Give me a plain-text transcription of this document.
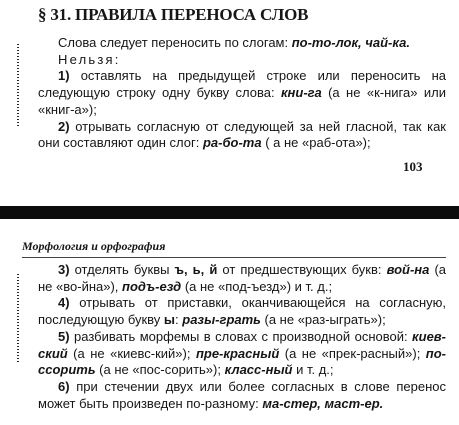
§ 31. ПРАВИЛА ПЕРЕНОСА СЛОВ

Слова следует переносить по слогам: по-то-лок, чай-ка.

Нельзя:

1) оставлять на предыдущей строке или переносить на следующую строку одну букву слова: кни-га (а не «к-нига» или «книг-а»);

2) отрывать согласную от следующей за ней гласной, так как они составляют один слог: ра-бо-та ( а не «раб-ота»);

103

Морфология и орфография

3) отделять буквы ъ, ь, й от предшествующих букв: вой-на (а не «во-йна»), подъ-езд (а не «под-ъезд») и т. д.;

4) отрывать от приставки, оканчивающейся на согласную, последующую букву ы: разы-грать (а не «раз-ыграть»);

5) разбивать морфемы в словах с производной основой: киев-ский (а не «киевс-кий»); пре-красный (а не «прек-расный»); по-ссорить (а не «пос-сорить»); класс-ный и т. д.;

6) при стечении двух или более согласных в слове перенос может быть произведен по-разному: ма-стер, маст-ер.
